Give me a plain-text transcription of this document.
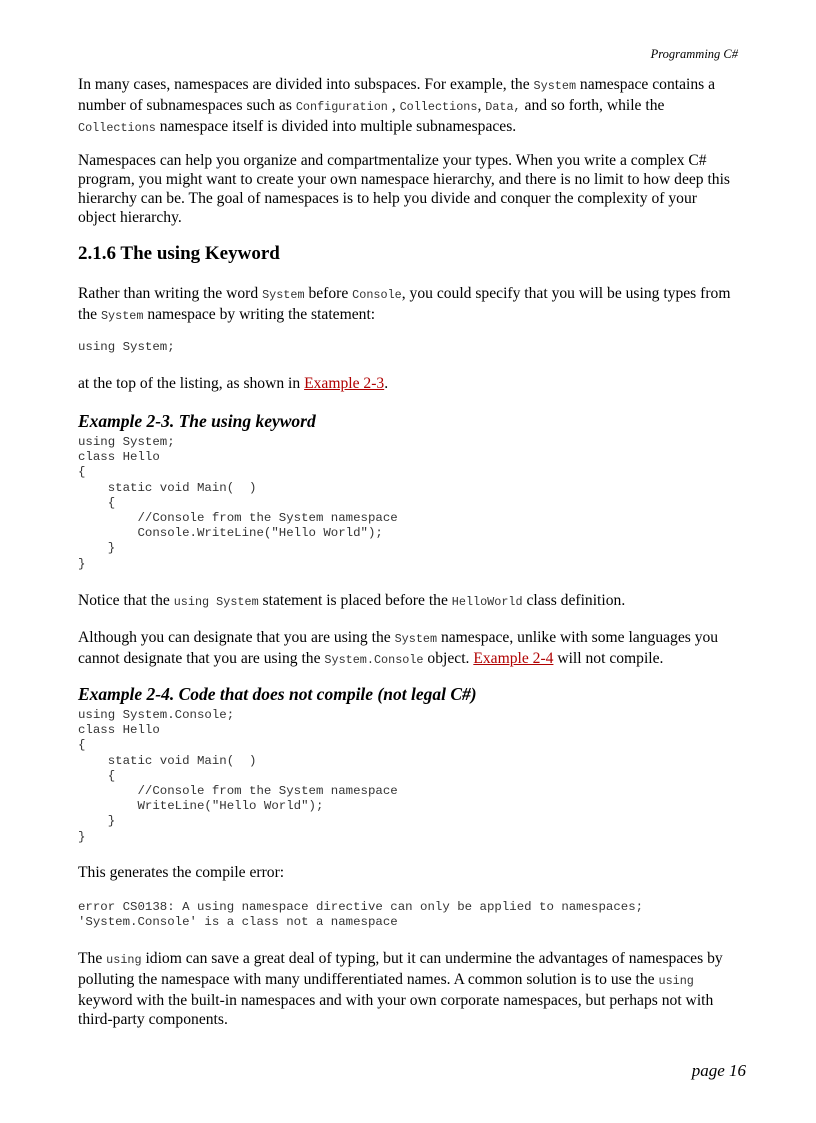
Programming C#

In many cases, namespaces are divided into subspaces. For example, the System namespace contains a number of subnamespaces such as Configuration , Collections, Data, and so forth, while the Collections namespace itself is divided into multiple subnamespaces.

Namespaces can help you organize and compartmentalize your types. When you write a complex C# program, you might want to create your own namespace hierarchy, and there is no limit to how deep this hierarchy can be. The goal of namespaces is to help you divide and conquer the complexity of your object hierarchy.

2.1.6 The using Keyword

Rather than writing the word System before Console, you could specify that you will be using types from the System namespace by writing the statement:

using System;

at the top of the listing, as shown in Example 2-3.

Example 2-3. The using keyword
using System;
class Hello
{
static void Main(  )
{
//Console from the System namespace
Console.WriteLine("Hello World");
}
}

Notice that the using System statement is placed before the HelloWorld class definition.

Although you can designate that you are using the System namespace, unlike with some languages you cannot designate that you are using the System.Console object. Example 2-4 will not compile.

Example 2-4. Code that does not compile (not legal C#)
using System.Console;
class Hello
{
static void Main(  )
{
//Console from the System namespace
WriteLine("Hello World");
}
}

This generates the compile error:

error CS0138: A using namespace directive can only be applied to namespaces;
'System.Console' is a class not a namespace

The using idiom can save a great deal of typing, but it can undermine the advantages of namespaces by polluting the namespace with many undifferentiated names. A common solution is to use the using keyword with the built-in namespaces and with your own corporate namespaces, but perhaps not with third-party components.

page 16
